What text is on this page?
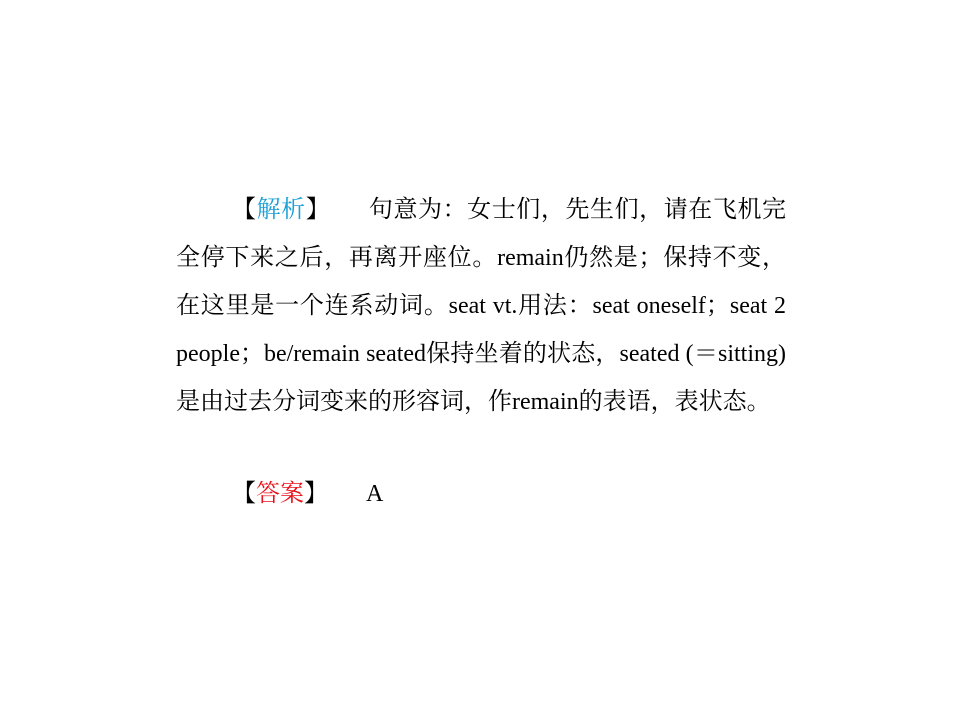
【解析】 句意为：女士们，先生们，请在飞机完全停下来之后，再离开座位。remain仍然是；保持不变，在这里是一个连系动词。seat vt.用法：seat oneself；seat 2 people；be/remain seated保持坐着的状态，seated (＝sitting)是由过去分词变来的形容词，作remain的表语，表状态。

【答案】 A
